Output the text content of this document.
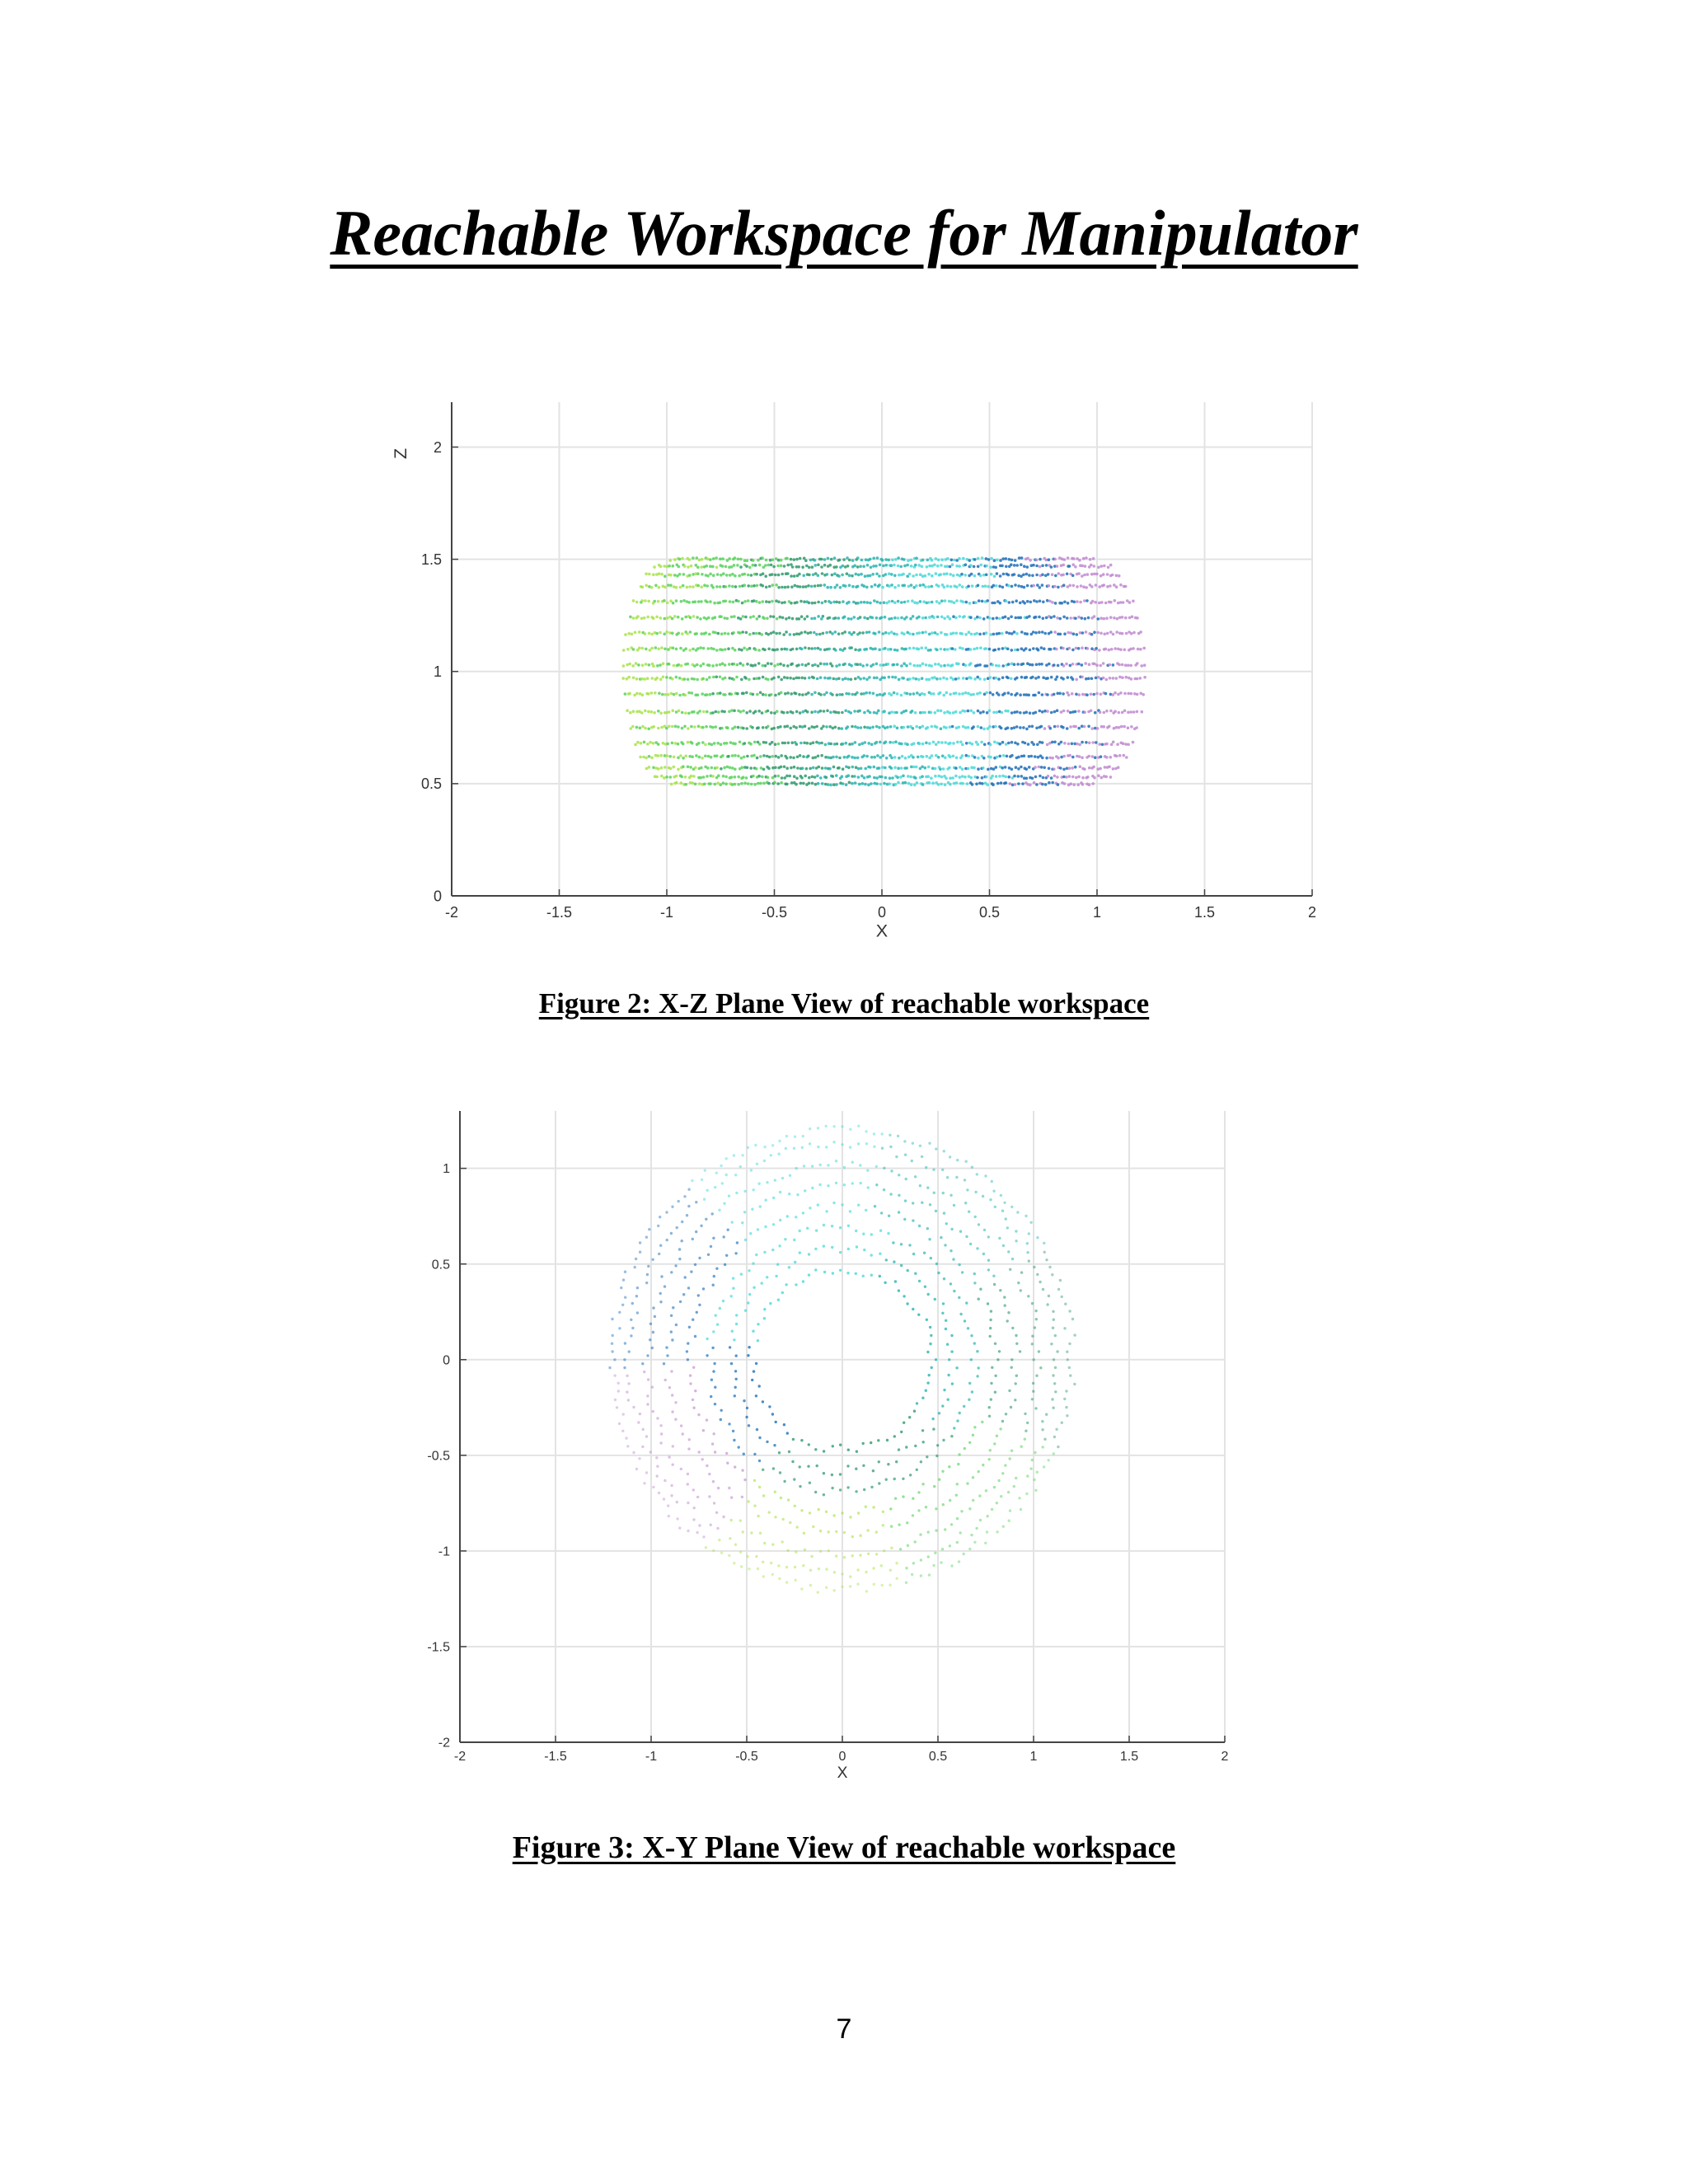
Reachable Workspace for Manipulator
-2	-1.5	-1	-0.5	0	0.5	1	1.5	2
0
0.5
1
1.5
2
X
Z

Figure 2: X-Z Plane View of reachable workspace

-2	-1.5	-1	-0.5	0	0.5	1	1.5	2
-2
-1.5
-1
-0.5
0
0.5
1
X

Figure 3: X-Y Plane View of reachable workspace

7
